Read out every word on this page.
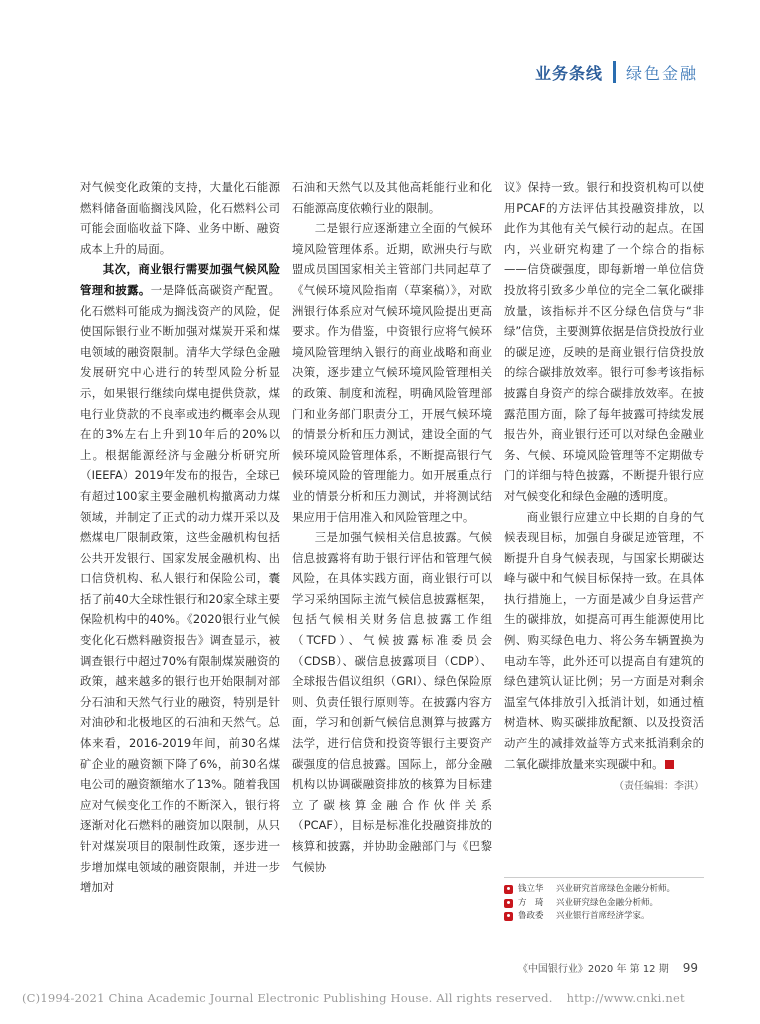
业务条线 绿色金融

对气候变化政策的支持，大量化石能源燃料储备面临搁浅风险，化石燃料公司可能会面临收益下降、业务中断、融资成本上升的局面。

其次，商业银行需要加强气候风险管理和披露。一是降低高碳资产配置。化石燃料可能成为搁浅资产的风险，促使国际银行业不断加强对煤炭开采和煤电领域的融资限制。清华大学绿色金融发展研究中心进行的转型风险分析显示，如果银行继续向煤电提供贷款，煤电行业贷款的不良率或违约概率会从现在的3%左右上升到10年后的20%以上。根据能源经济与金融分析研究所（IEEFA）2019年发布的报告，全球已有超过100家主要金融机构撤离动力煤领域，并制定了正式的动力煤开采以及燃煤电厂限制政策，这些金融机构包括公共开发银行、国家发展金融机构、出口信贷机构、私人银行和保险公司，囊括了前40大全球性银行和20家全球主要保险机构中的40%。《2020银行业气候变化化石燃料融资报告》调查显示，被调查银行中超过70%有限制煤炭融资的政策，越来越多的银行也开始限制对部分石油和天然气行业的融资，特别是针对油砂和北极地区的石油和天然气。总体来看，2016-2019年间，前30名煤矿企业的融资额下降了6%，前30名煤电公司的融资额缩水了13%。随着我国应对气候变化工作的不断深入，银行将逐渐对化石燃料的融资加以限制，从只针对煤炭项目的限制性政策，逐步进一步增加煤电领域的融资限制，并进一步增加对

石油和天然气以及其他高耗能行业和化石能源高度依赖行业的限制。

二是银行应逐渐建立全面的气候环境风险管理体系。近期，欧洲央行与欧盟成员国国家相关主管部门共同起草了《气候环境风险指南（草案稿）》，对欧洲银行体系应对气候环境风险提出更高要求。作为借鉴，中资银行应将气候环境风险管理纳入银行的商业战略和商业决策，逐步建立气候环境风险管理相关的政策、制度和流程，明确风险管理部门和业务部门职责分工，开展气候环境的情景分析和压力测试，建设全面的气候环境风险管理体系，不断提高银行气候环境风险的管理能力。如开展重点行业的情景分析和压力测试，并将测试结果应用于信用准入和风险管理之中。

三是加强气候相关信息披露。气候信息披露将有助于银行评估和管理气候风险，在具体实践方面，商业银行可以学习采纳国际主流气候信息披露框架，包括气候相关财务信息披露工作组（TCFD）、气候披露标准委员会（CDSB）、碳信息披露项目（CDP）、全球报告倡议组织（GRI）、绿色保险原则、负责任银行原则等。在披露内容方面，学习和创新气候信息测算与披露方法学，进行信贷和投资等银行主要资产碳强度的信息披露。国际上，部分金融机构以协调碳融资排放的核算为目标建立了碳核算金融合作伙伴关系（PCAF），目标是标准化投融资排放的核算和披露，并协助金融部门与《巴黎气候协

议》保持一致。银行和投资机构可以使用PCAF的方法评估其投融资排放，以此作为其他有关气候行动的起点。在国内，兴业研究构建了一个综合的指标——信贷碳强度，即每新增一单位信贷投放将引致多少单位的完全二氧化碳排放量，该指标并不区分绿色信贷与“非绿”信贷，主要测算依据是信贷投放行业的碳足迹，反映的是商业银行信贷投放的综合碳排放效率。银行可参考该指标披露自身资产的综合碳排放效率。在披露范围方面，除了每年披露可持续发展报告外，商业银行还可以对绿色金融业务、气候、环境风险管理等不定期做专门的详细与特色披露，不断提升银行应对气候变化和绿色金融的透明度。

商业银行应建立中长期的自身的气候表现目标，加强自身碳足迹管理，不断提升自身气候表现，与国家长期碳达峰与碳中和气候目标保持一致。在具体执行措施上，一方面是减少自身运营产生的碳排放，如提高可再生能源使用比例、购买绿色电力、将公务车辆置换为电动车等，此外还可以提高自有建筑的绿色建筑认证比例；另一方面是对剩余温室气体排放引入抵消计划，如通过植树造林、购买碳排放配额、以及投资活动产生的减排效益等方式来抵消剩余的二氧化碳排放量来实现碳中和。

（责任编辑：李淇）
钱立华	兴业研究首席绿色金融分析师。
方　琦	兴业研究绿色金融分析师。
鲁政委	兴业银行首席经济学家。
《中国银行业》2020 年 第 12 期 99
(C)1994-2021 China Academic Journal Electronic Publishing House. All rights reserved. http://www.cnki.net
